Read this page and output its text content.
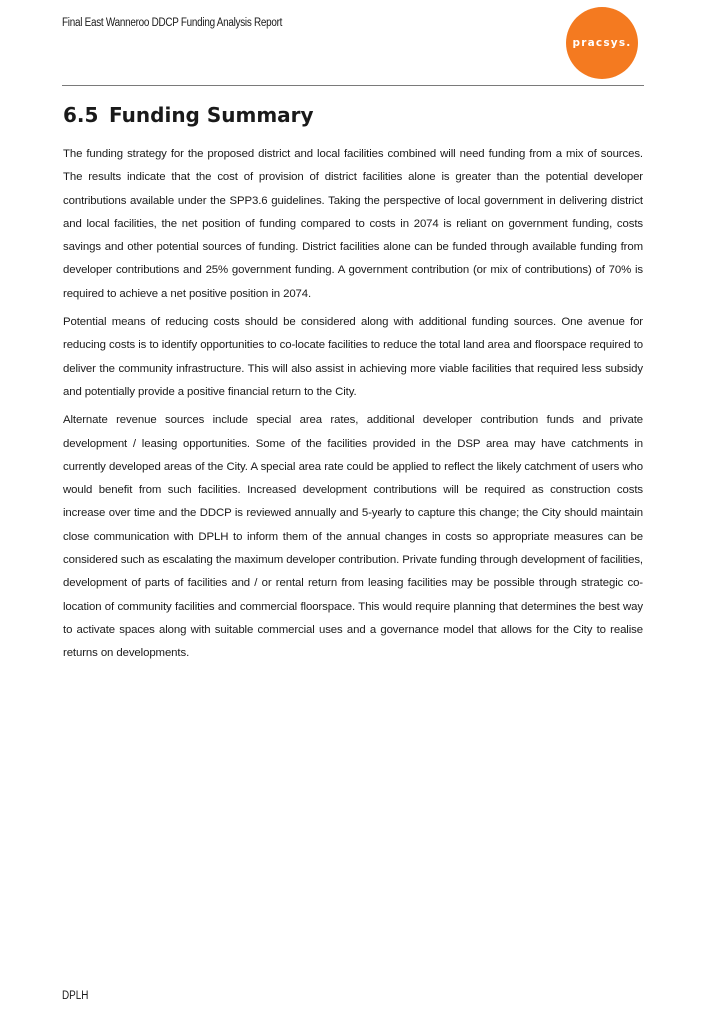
Final East Wanneroo DDCP Funding Analysis Report
pracsys.
6.5 Funding Summary

The funding strategy for the proposed district and local facilities combined will need funding from a mix of sources. The results indicate that the cost of provision of district facilities alone is greater than the potential developer contributions available under the SPP3.6 guidelines. Taking the perspective of local government in delivering district and local facilities, the net position of funding compared to costs in 2074 is reliant on government funding, costs savings and other potential sources of funding. District facilities alone can be funded through available funding from developer contributions and 25% government funding. A government contribution (or mix of contributions) of 70% is required to achieve a net positive position in 2074.

Potential means of reducing costs should be considered along with additional funding sources. One avenue for reducing costs is to identify opportunities to co-locate facilities to reduce the total land area and floorspace required to deliver the community infrastructure. This will also assist in achieving more viable facilities that required less subsidy and potentially provide a positive financial return to the City.

Alternate revenue sources include special area rates, additional developer contribution funds and private development / leasing opportunities. Some of the facilities provided in the DSP area may have catchments in currently developed areas of the City. A special area rate could be applied to reflect the likely catchment of users who would benefit from such facilities. Increased development contributions will be required as construction costs increase over time and the DDCP is reviewed annually and 5-yearly to capture this change; the City should maintain close communication with DPLH to inform them of the annual changes in costs so appropriate measures can be considered such as escalating the maximum developer contribution. Private funding through development of facilities, development of parts of facilities and / or rental return from leasing facilities may be possible through strategic co-location of community facilities and commercial floorspace. This would require planning that determines the best way to activate spaces along with suitable commercial uses and a governance model that allows for the City to realise returns on developments.

DPLH
